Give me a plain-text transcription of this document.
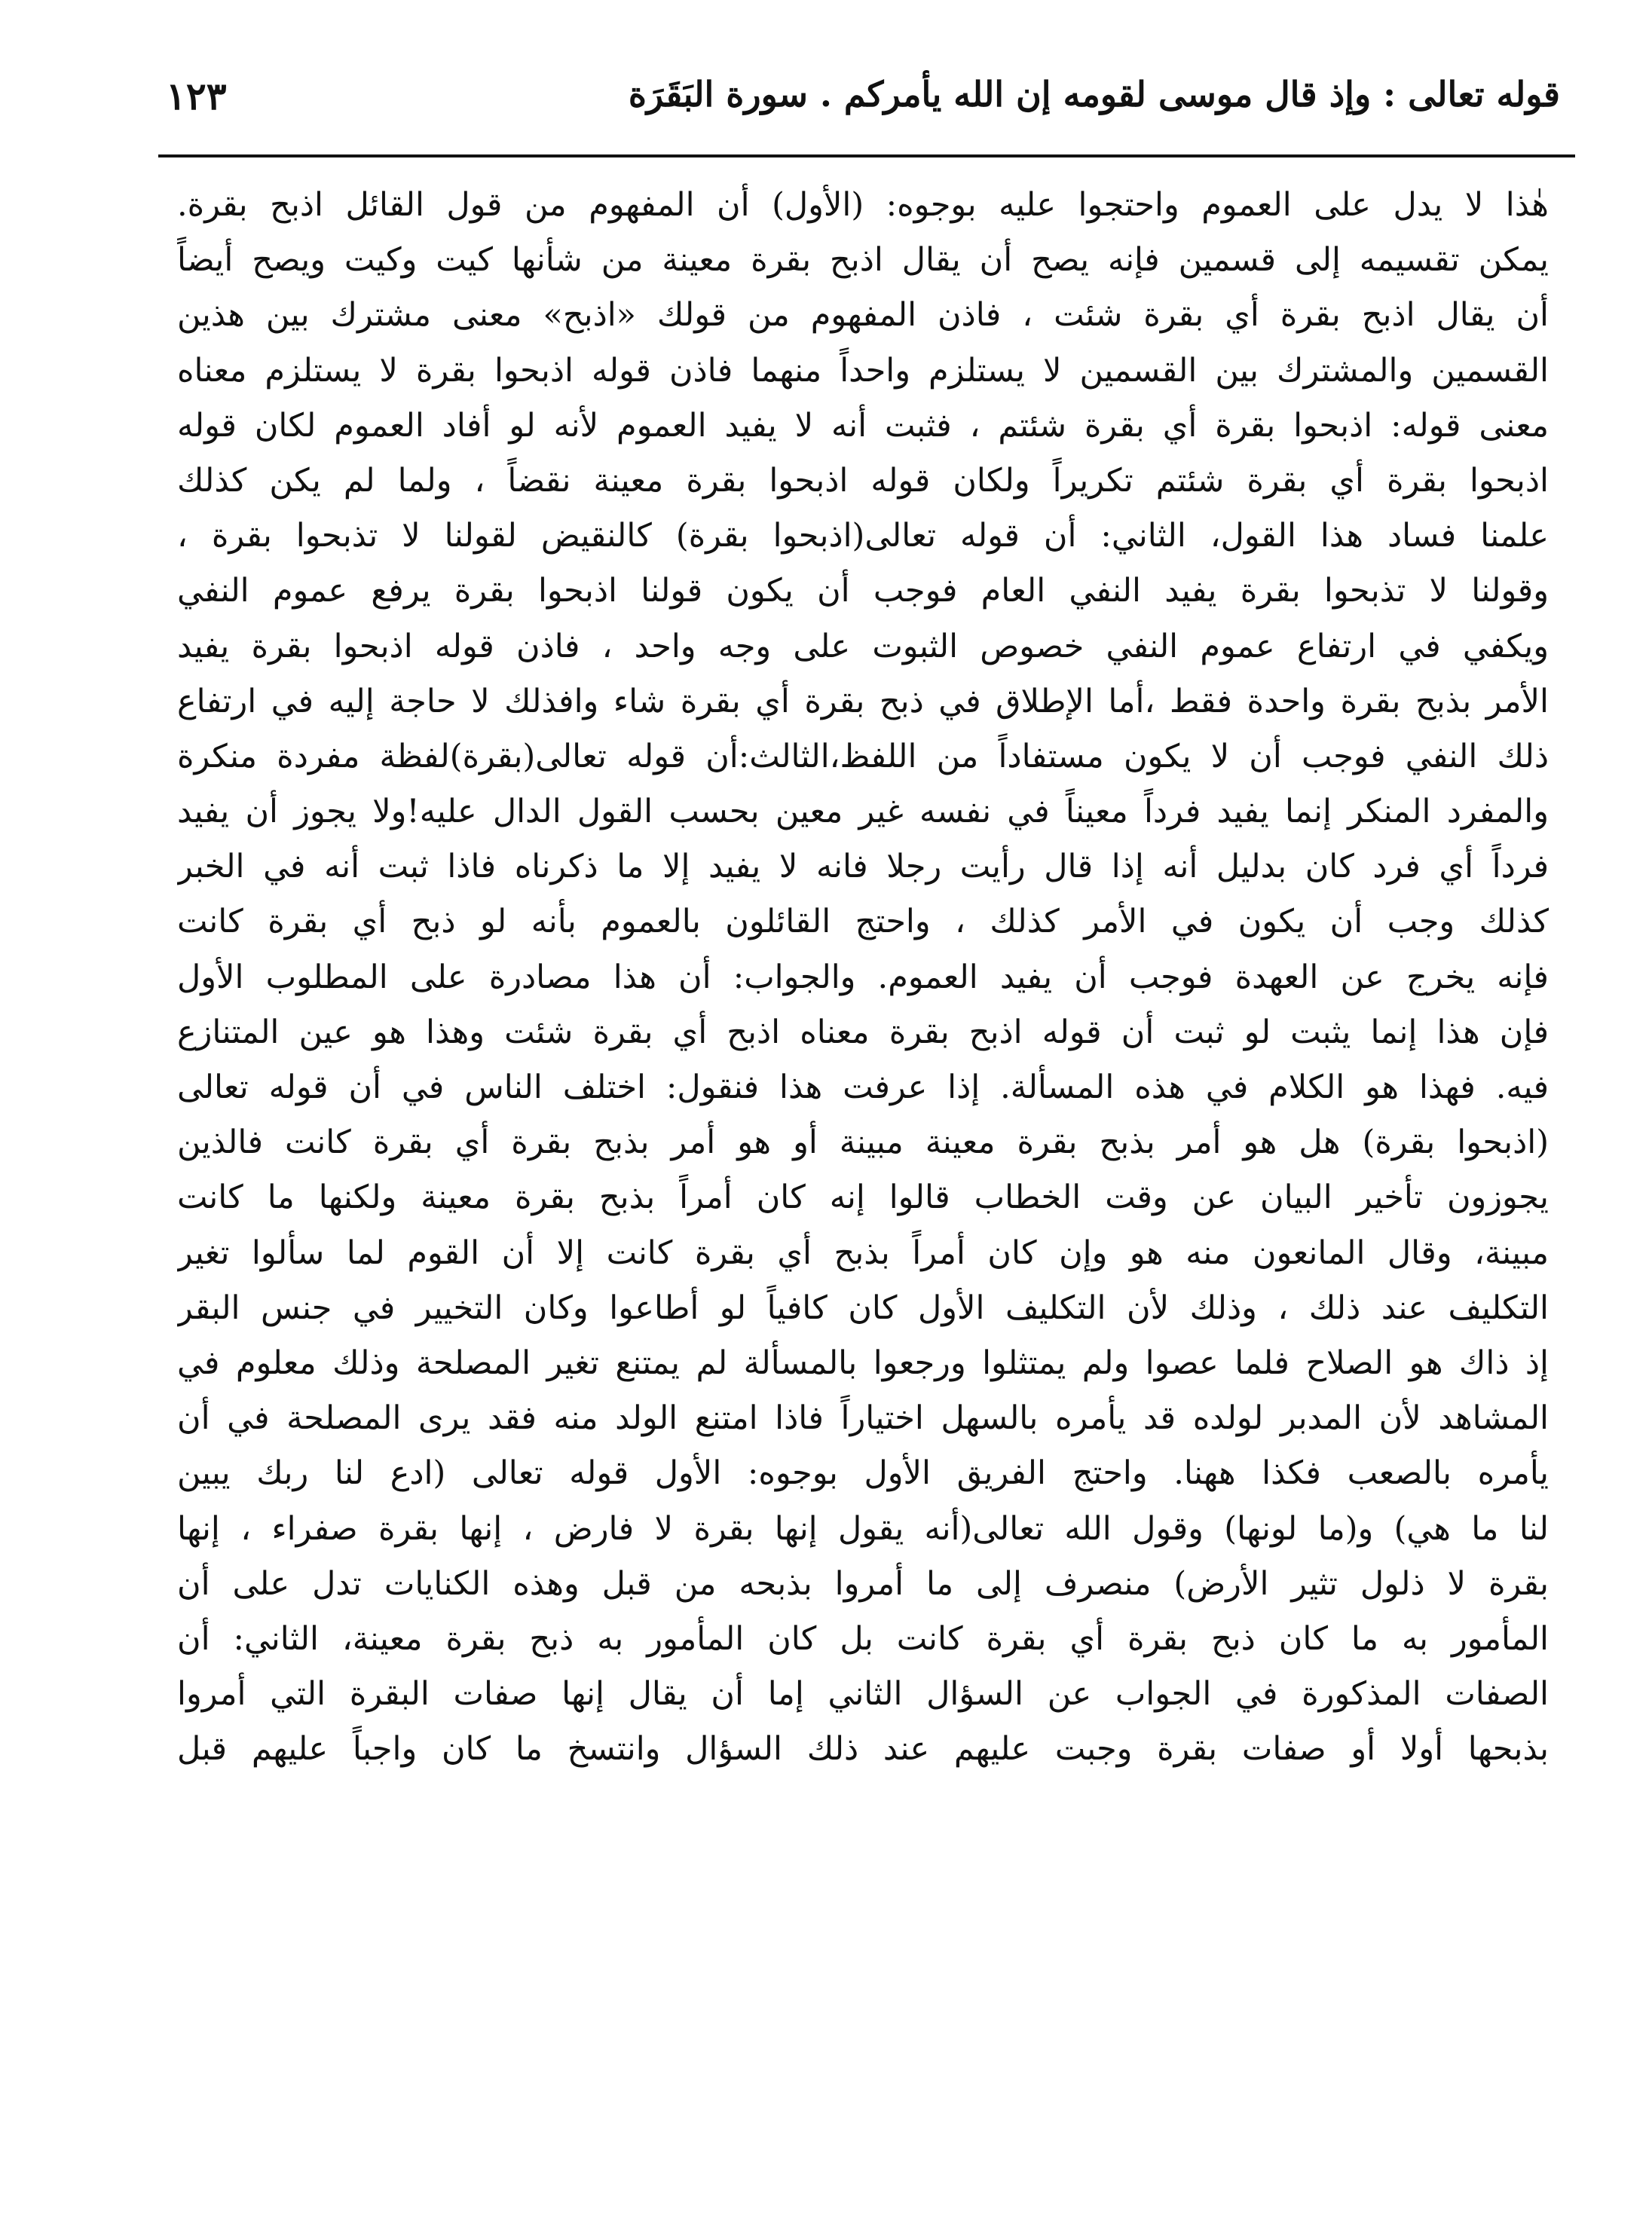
قوله تعالى : وإذ قال موسى لقومه إن الله يأمركم . سورة البَقَرَة
١٢٣
هٰذا لا يدل على العموم واحتجوا عليه بوجوه: (الأول) أن المفهوم من قول القائل اذبح بقرة.
يمكن تقسيمه إلى قسمين فإنه يصح أن يقال اذبح بقرة معينة من شأنها كيت وكيت ويصح أيضاً
أن يقال اذبح بقرة أي بقرة شئت ، فاذن المفهوم من قولك «اذبح» معنى مشترك بين هذين
القسمين والمشترك بين القسمين لا يستلزم واحداً منهما فاذن قوله اذبحوا بقرة لا يستلزم معناه
معنى قوله: اذبحوا بقرة أي بقرة شئتم ، فثبت أنه لا يفيد العموم لأنه لو أفاد العموم لكان قوله
اذبحوا بقرة أي بقرة شئتم تكريراً ولكان قوله اذبحوا بقرة معينة نقضاً ، ولما لم يكن كذلك
علمنا فساد هذا القول، الثاني: أن قوله تعالى(اذبحوا بقرة) كالنقيض لقولنا لا تذبحوا بقرة ،
وقولنا لا تذبحوا بقرة يفيد النفي العام فوجب أن يكون قولنا اذبحوا بقرة يرفع عموم النفي
ويكفي في ارتفاع عموم النفي خصوص الثبوت على وجه واحد ، فاذن قوله اذبحوا بقرة يفيد
الأمر بذبح بقرة واحدة فقط ،أما الإطلاق في ذبح بقرة أي بقرة شاء وافذلك لا حاجة إليه في ارتفاع
ذلك النفي فوجب أن لا يكون مستفاداً من اللفظ،الثالث:أن قوله تعالى(بقرة)لفظة مفردة منكرة
والمفرد المنكر إنما يفيد فرداً معيناً في نفسه غير معين بحسب القول الدال عليه!ولا يجوز أن يفيد
فرداً أي فرد كان بدليل أنه إذا قال رأيت رجلا فانه لا يفيد إلا ما ذكرناه فاذا ثبت أنه في الخبر
كذلك وجب أن يكون في الأمر كذلك ، واحتج القائلون بالعموم بأنه لو ذبح أي بقرة كانت
فإنه يخرج عن العهدة فوجب أن يفيد العموم. والجواب: أن هذا مصادرة على المطلوب الأول
فإن هذا إنما يثبت لو ثبت أن قوله اذبح بقرة معناه اذبح أي بقرة شئت وهذا هو عين المتنازع
فيه. فهذا هو الكلام في هذه المسألة. إذا عرفت هذا فنقول: اختلف الناس في أن قوله تعالى
(اذبحوا بقرة) هل هو أمر بذبح بقرة معينة مبينة أو هو أمر بذبح بقرة أي بقرة كانت فالذين
يجوزون تأخير البيان عن وقت الخطاب قالوا إنه كان أمراً بذبح بقرة معينة ولكنها ما كانت
مبينة، وقال المانعون منه هو وإن كان أمراً بذبح أي بقرة كانت إلا أن القوم لما سألوا تغير
التكليف عند ذلك ، وذلك لأن التكليف الأول كان كافياً لو أطاعوا وكان التخيير في جنس البقر
إذ ذاك هو الصلاح فلما عصوا ولم يمتثلوا ورجعوا بالمسألة لم يمتنع تغير المصلحة وذلك معلوم في
المشاهد لأن المدبر لولده قد يأمره بالسهل اختياراً فاذا امتنع الولد منه فقد يرى المصلحة في أن
يأمره بالصعب فكذا ههنا. واحتج الفريق الأول بوجوه: الأول قوله تعالى (ادع لنا ربك يبين
لنا ما هي) و(ما لونها) وقول الله تعالى(أنه يقول إنها بقرة لا فارض ، إنها بقرة صفراء ، إنها
بقرة لا ذلول تثير الأرض) منصرف إلى ما أمروا بذبحه من قبل وهذه الكنايات تدل على أن
المأمور به ما كان ذبح بقرة أي بقرة كانت بل كان المأمور به ذبح بقرة معينة، الثاني: أن
الصفات المذكورة في الجواب عن السؤال الثاني إما أن يقال إنها صفات البقرة التي أمروا
بذبحها أولا أو صفات بقرة وجبت عليهم عند ذلك السؤال وانتسخ ما كان واجباً عليهم قبل
